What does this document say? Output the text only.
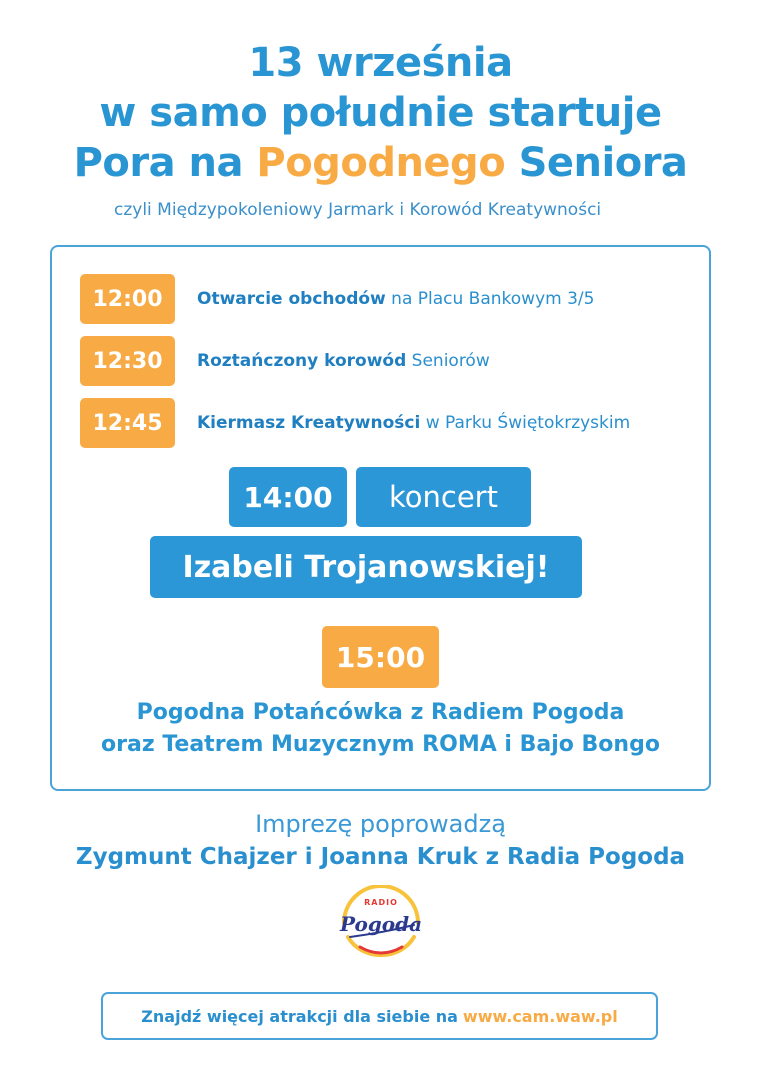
13 września
w samo południe startuje
Pora na Pogodnego Seniora
czyli Międzypokoleniowy Jarmark i Korowód Kreatywności
12:00	Otwarcie obchodów na Placu Bankowym 3/5
12:30	Roztańczony korowód Seniorów
12:45	Kiermasz Kreatywności w Parku Świętokrzyskim
14:00	koncert
Izabeli Trojanowskiej!
15:00
Pogodna Potańcówka z Radiem Pogoda
oraz Teatrem Muzycznym ROMA i Bajo Bongo
Imprezę poprowadzą
Zygmunt Chajzer i Joanna Kruk z Radia Pogoda
RADIO
Pogoda
Znajdź więcej atrakcji dla siebie na www.cam.waw.pl
